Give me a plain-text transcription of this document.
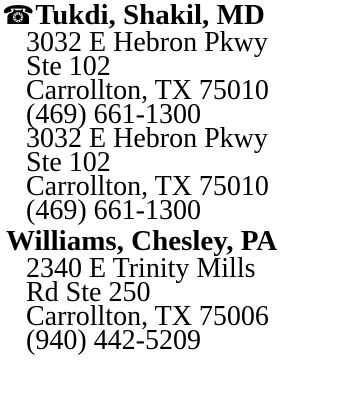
☎ Tukdi, Shakil, MD
3032 E Hebron Pkwy
Ste 102
Carrollton, TX 75010
(469) 661-1300
3032 E Hebron Pkwy
Ste 102
Carrollton, TX 75010
(469) 661-1300
Williams, Chesley, PA
2340 E Trinity Mills
Rd Ste 250
Carrollton, TX 75006
(940) 442-5209
